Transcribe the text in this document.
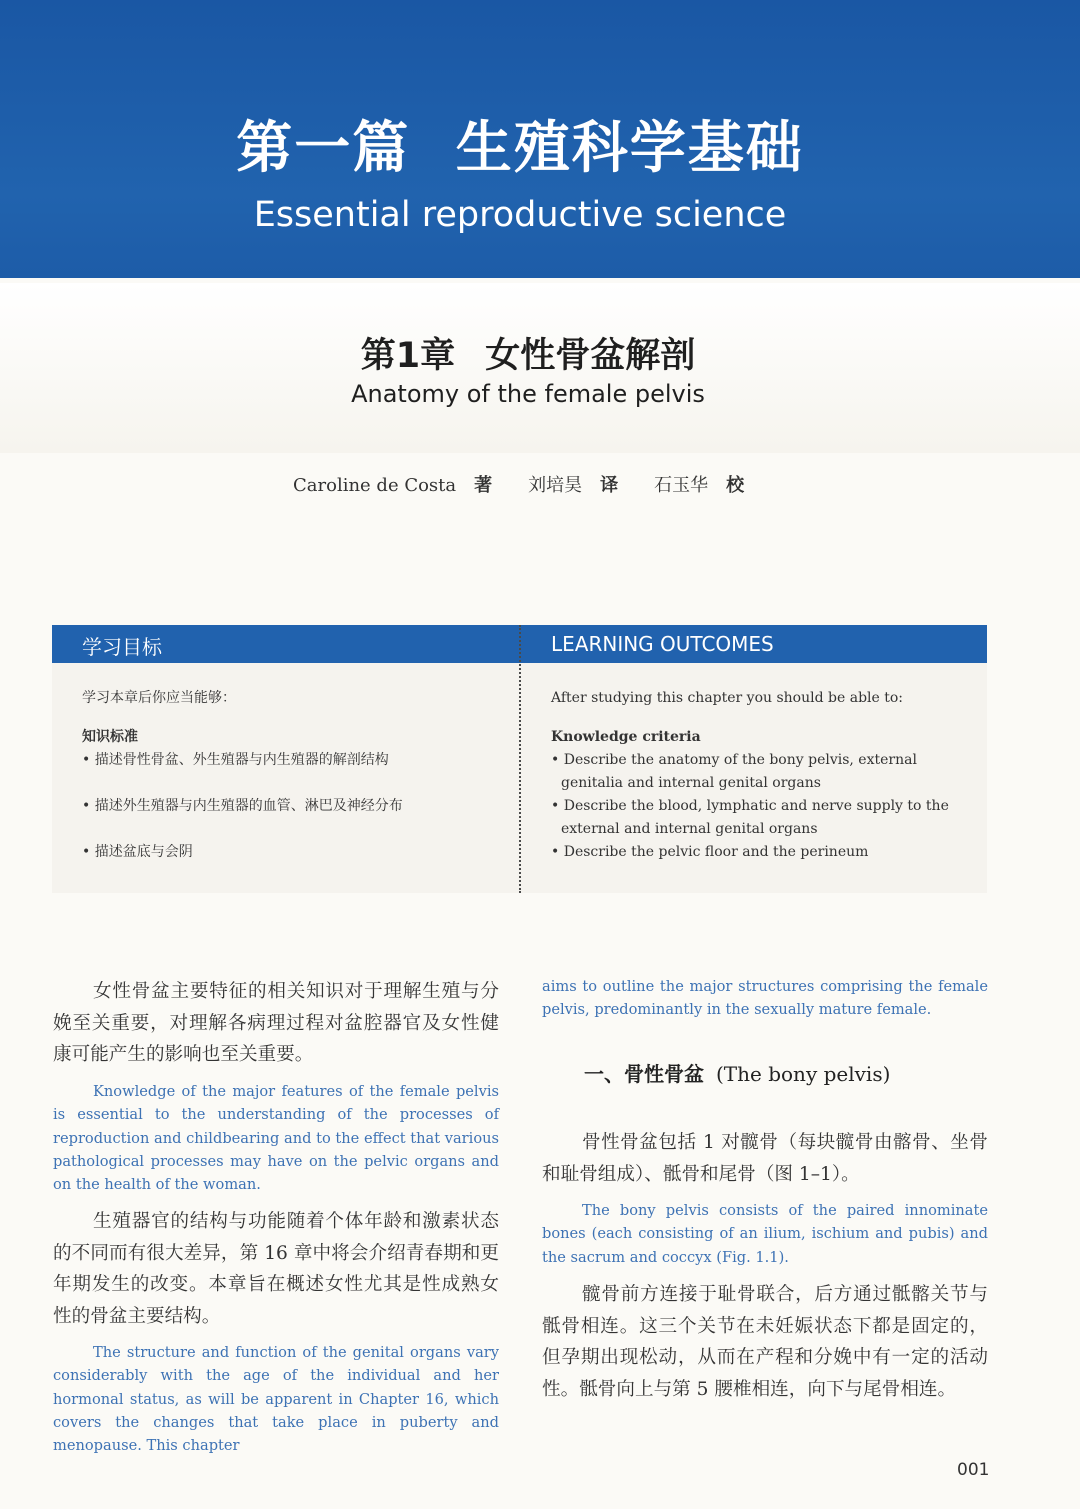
第一篇 生殖科学基础
Essential reproductive science
第1章 女性骨盆解剖
Anatomy of the female pelvis
Caroline de Costa 著 刘培昊 译 石玉华 校
学习目标	LEARNING OUTCOMES
学习本章后你应当能够：
知识标准
• 描述骨性骨盆、外生殖器与内生殖器的解剖结构
• 描述外生殖器与内生殖器的血管、淋巴及神经分布
• 描述盆底与会阴
After studying this chapter you should be able to:
Knowledge criteria
• Describe the anatomy of the bony pelvis, external genitalia and internal genital organs
• Describe the blood, lymphatic and nerve supply to the external and internal genital organs
• Describe the pelvic floor and the perineum
女性骨盆主要特征的相关知识对于理解生殖与分娩至关重要，对理解各病理过程对盆腔器官及女性健康可能产生的影响也至关重要。
Knowledge of the major features of the female pelvis is essential to the understanding of the processes of reproduction and childbearing and to the effect that various pathological processes may have on the pelvic organs and on the health of the woman.
生殖器官的结构与功能随着个体年龄和激素状态的不同而有很大差异，第 16 章中将会介绍青春期和更年期发生的改变。本章旨在概述女性尤其是性成熟女性的骨盆主要结构。
The structure and function of the genital organs vary considerably with the age of the individual and her hormonal status, as will be apparent in Chapter 16, which covers the changes that take place in puberty and menopause. This chapter
aims to outline the major structures comprising the female pelvis, predominantly in the sexually mature female.
一、骨性骨盆 (The bony pelvis)
骨性骨盆包括 1 对髋骨（每块髋骨由髂骨、坐骨和耻骨组成）、骶骨和尾骨（图 1–1）。
The bony pelvis consists of the paired innominate bones (each consisting of an ilium, ischium and pubis) and the sacrum and coccyx (Fig. 1.1).
髋骨前方连接于耻骨联合，后方通过骶髂关节与骶骨相连。这三个关节在未妊娠状态下都是固定的，但孕期出现松动，从而在产程和分娩中有一定的活动性。骶骨向上与第 5 腰椎相连，向下与尾骨相连。
001
